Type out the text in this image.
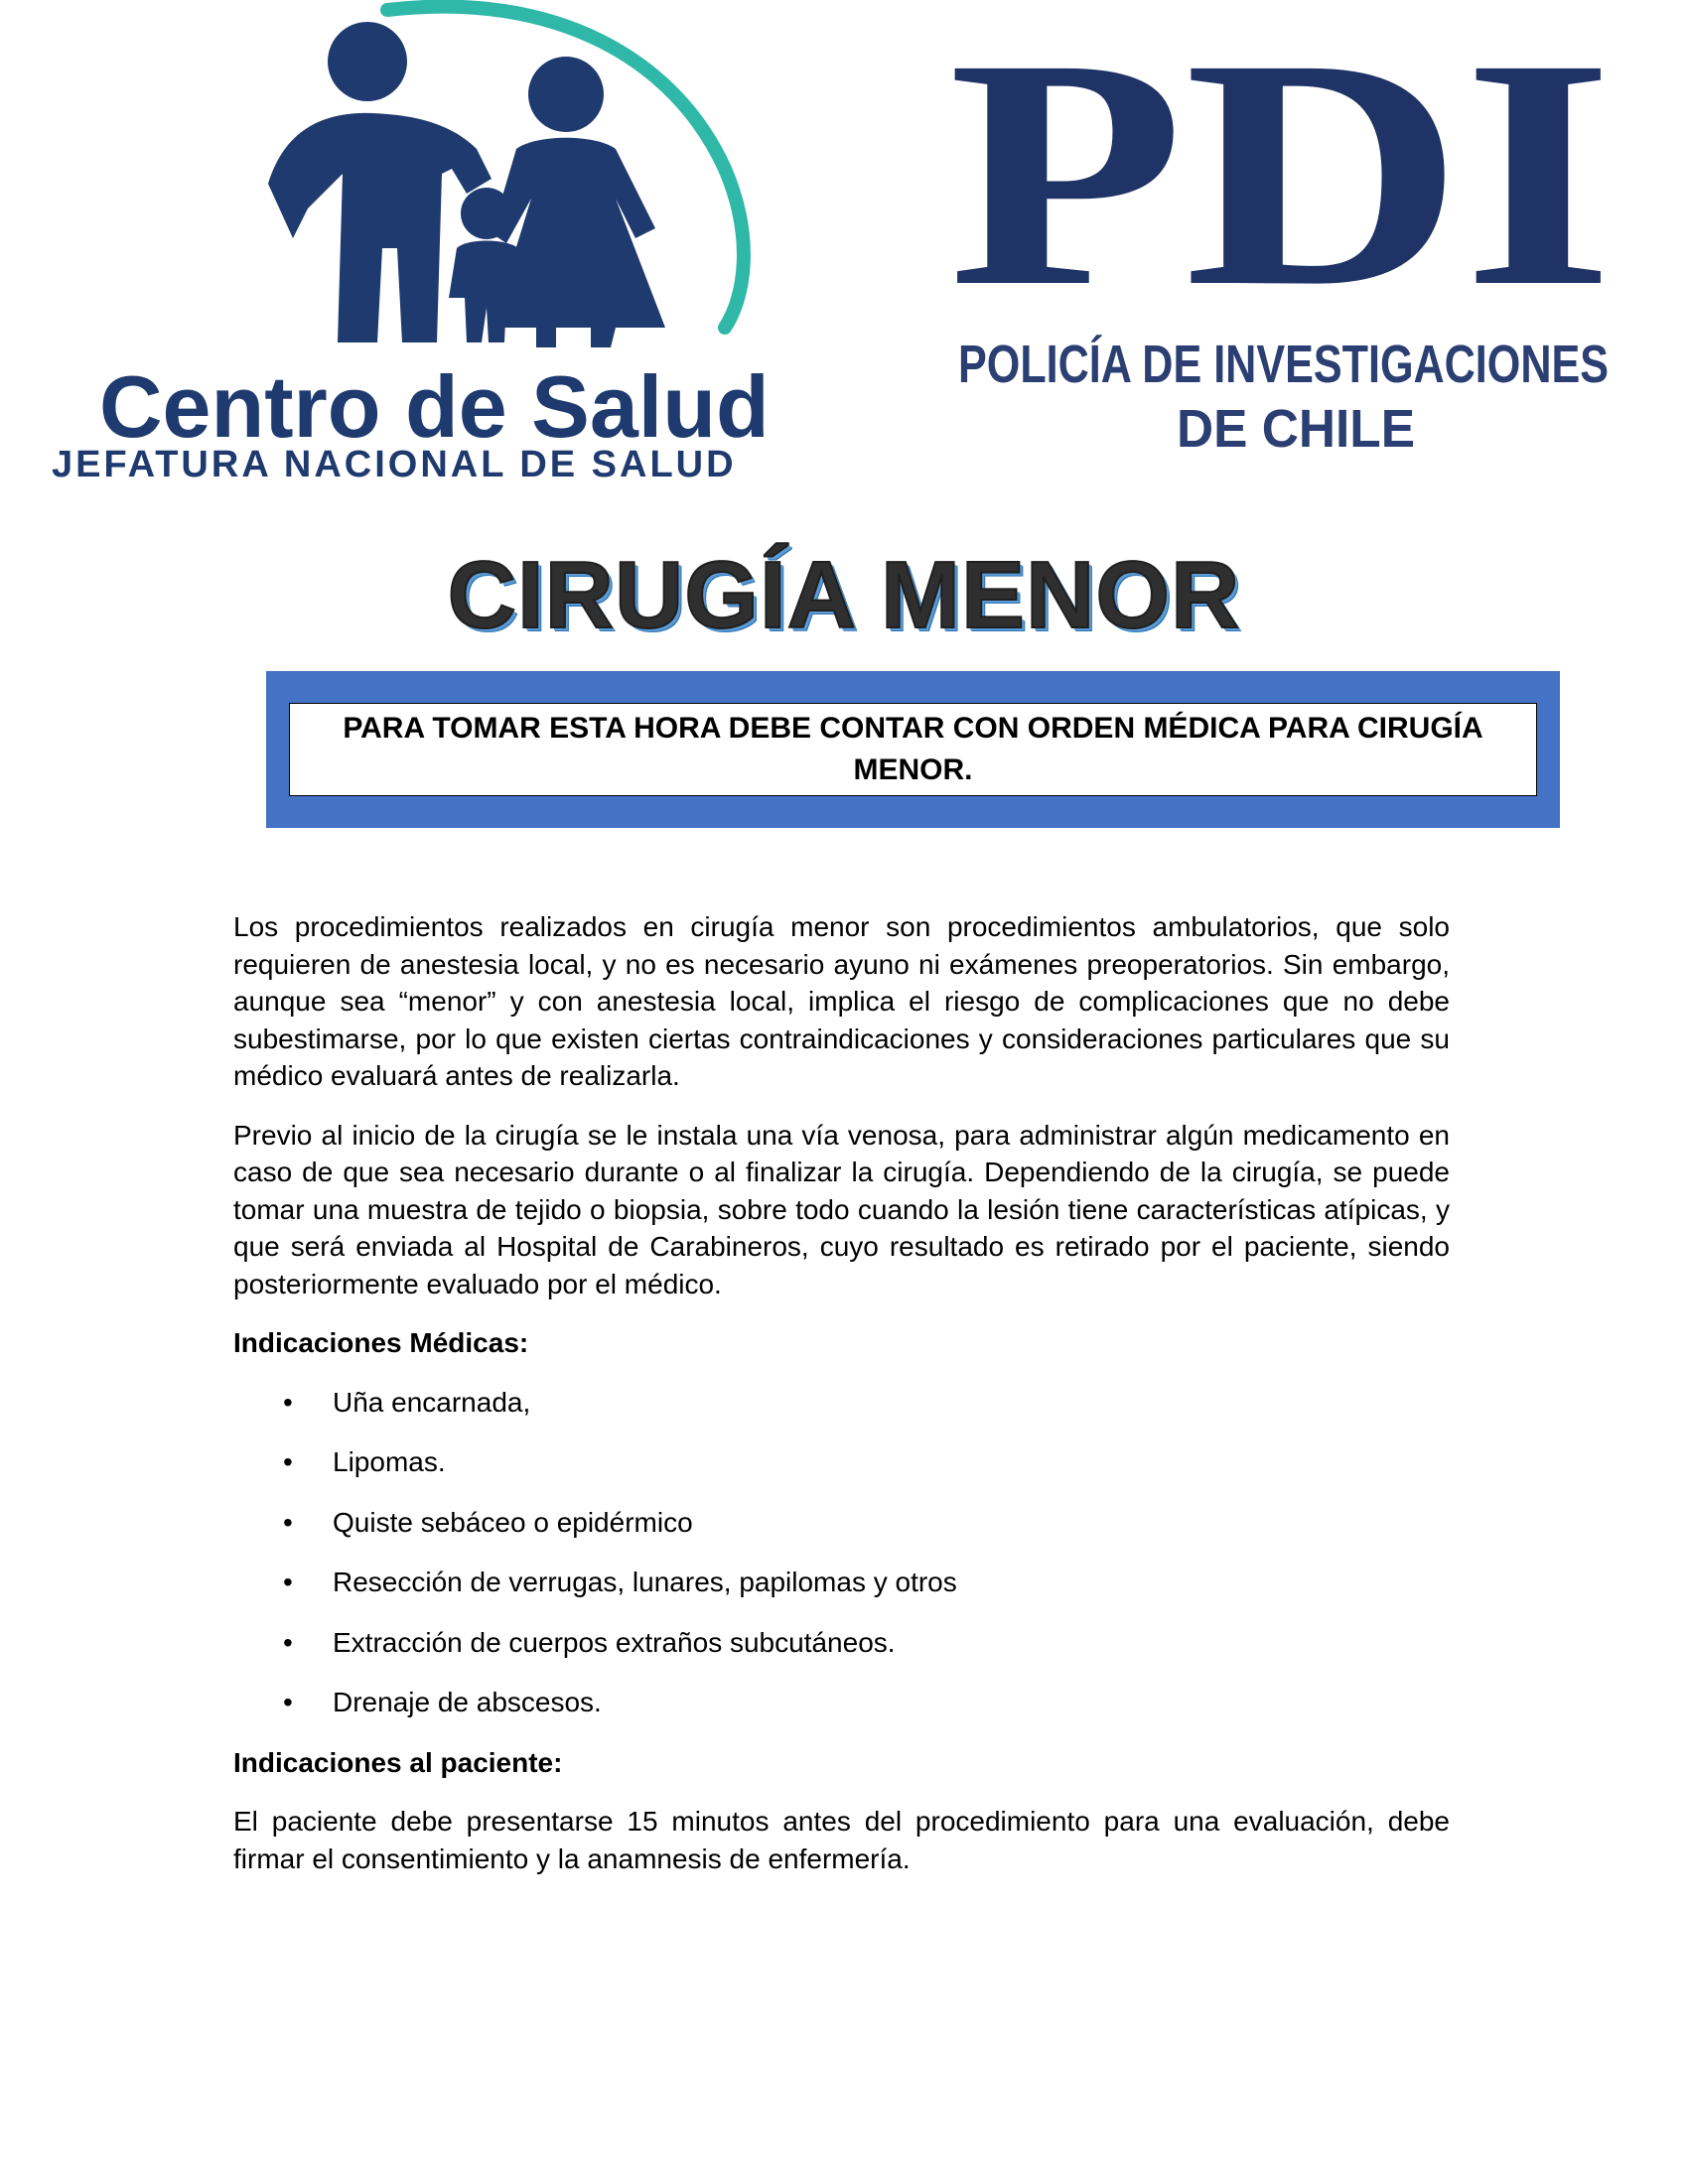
Centro de Salud
JEFATURA NACIONAL DE SALUD
PDI
POLICÍA DE INVESTIGACIONES
DE CHILE
CIRUGÍA MENOR
PARA TOMAR ESTA HORA DEBE CONTAR CON ORDEN MÉDICA PARA CIRUGÍA MENOR.

Los procedimientos realizados en cirugía menor son procedimientos ambulatorios, que solo requieren de anestesia local, y no es necesario ayuno ni exámenes preoperatorios. Sin embargo, aunque sea “menor” y con anestesia local, implica el riesgo de complicaciones que no debe subestimarse, por lo que existen ciertas contraindicaciones y consideraciones particulares que su médico evaluará antes de realizarla.

Previo al inicio de la cirugía se le instala una vía venosa, para administrar algún medicamento en caso de que sea necesario durante o al finalizar la cirugía. Dependiendo de la cirugía, se puede tomar una muestra de tejido o biopsia, sobre todo cuando la lesión tiene características atípicas, y que será enviada al Hospital de Carabineros, cuyo resultado es retirado por el paciente, siendo posteriormente evaluado por el médico.

Indicaciones Médicas:
• Uña encarnada,
• Lipomas.
• Quiste sebáceo o epidérmico
• Resección de verrugas, lunares, papilomas y otros
• Extracción de cuerpos extraños subcutáneos.
• Drenaje de abscesos.
Indicaciones al paciente:

El paciente debe presentarse 15 minutos antes del procedimiento para una evaluación, debe firmar el consentimiento y la anamnesis de enfermería.
